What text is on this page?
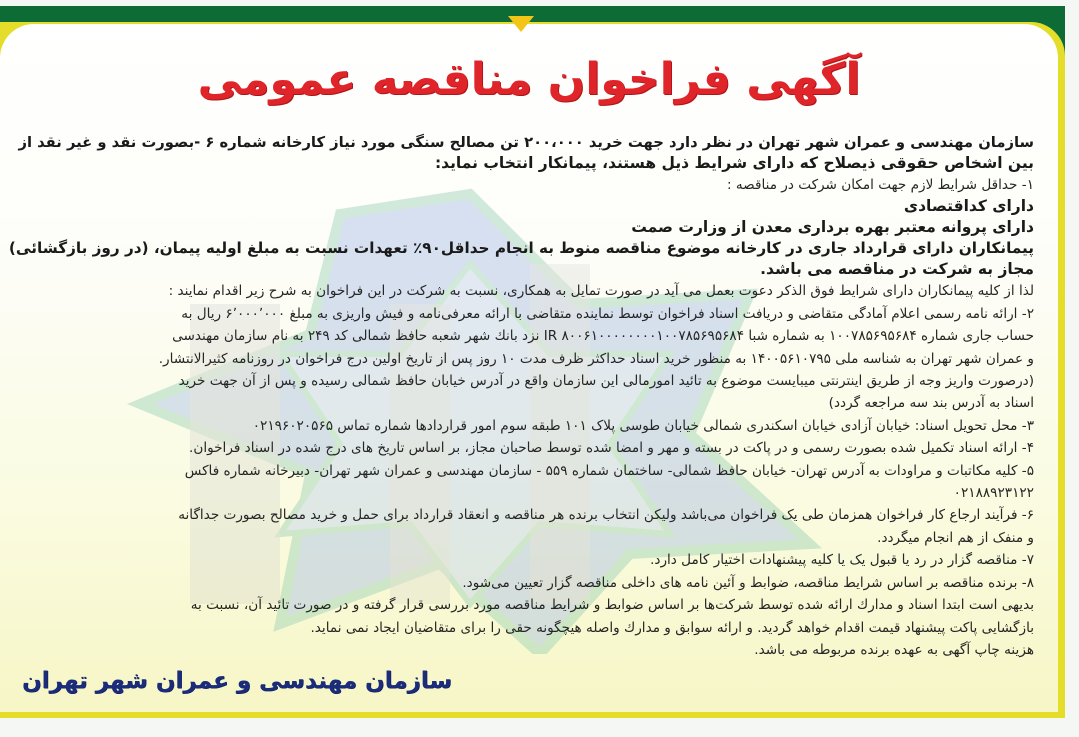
آگهی فراخوان مناقصه عمومی
سازمان مهندسی و عمران شهر تهران در نظر دارد جهت خرید ۲۰۰،۰۰۰ تن مصالح سنگی مورد نیاز کارخانه شماره ۶ -بصورت نقد و غیر نقد از
بین اشخاص حقوقی ذیصلاح که دارای شرایط ذیل هستند، پیمانکار انتخاب نماید:
۱- حداقل شرایط لازم جهت امکان شرکت در مناقصه :
دارای کداقتصادی
دارای پروانه معتبر بهره برداری معدن از وزارت صمت
پیمانکاران دارای قرارداد جاری در کارخانه موضوع مناقصه منوط به انجام حداقل۹۰٪ تعهدات نسبت به مبلغ اولیه پیمان، (در روز بازگشائی)
مجاز به شرکت در مناقصه می باشد.
لذا از کلیه پیمانکاران دارای شرایط فوق الذکر دعوت بعمل می آید در صورت تمایل به همکاری، نسبت به شرکت در این فراخوان به شرح زیر اقدام نمایند :
۲- ارائه نامه رسمی اعلام آمادگی متقاضی و دریافت اسناد فراخوان توسط نماینده متقاضی با ارائه معرفی‌نامه و فیش واریزی به مبلغ ۶٬۰۰۰٬۰۰۰ ریال به
حساب جاری شماره ۱۰۰۷۸۵۶۹۵۶۸۴ به شماره شبا IR ۸۰۰۶۱۰۰۰۰۰۰۰۰۱۰۰۷۸۵۶۹۵۶۸۴ نزد بانك شهر شعبه حافظ شمالی کد ۲۴۹ به نام سازمان مهندسی
و عمران شهر تهران به شناسه ملی ۱۴۰۰۵۶۱۰۷۹۵ به منظور خرید اسناد حداکثر ظرف مدت ۱۰ روز پس از تاریخ اولین درج فراخوان در روزنامه کثیرالانتشار.
(درصورت واریز وجه از طریق اینترنتی میبایست موضوع به تائید امورمالی این سازمان واقع در آدرس خیابان حافظ شمالی رسیده و پس از آن جهت خرید
اسناد به آدرس بند سه مراجعه گردد)
۳- محل تحویل اسناد: خیابان آزادی خیابان اسکندری شمالی خیابان طوسی پلاک ۱۰۱ طبقه سوم امور قراردادها شماره تماس ۰۲۱۹۶۰۲۰۵۶۵
۴- ارائه اسناد تکمیل شده بصورت رسمی و در پاکت در بسته و مهر و امضا شده توسط صاحبان مجاز، بر اساس تاریخ های درج شده در اسناد فراخوان.
۵- کلیه مکاتبات و مراودات به آدرس تهران- خیابان حافظ شمالی- ساختمان شماره ۵۵۹ - سازمان مهندسی و عمران شهر تهران- دبیرخانه شماره فاکس
۰۲۱۸۸۹۲۳۱۲۲
۶- فرآیند ارجاع کار فراخوان همزمان طی یک فراخوان می‌باشد ولیکن انتخاب برنده هر مناقصه و انعقاد قرارداد برای حمل و خرید مصالح بصورت جداگانه
و منفک از هم انجام میگردد.
۷- مناقصه گزار در رد یا قبول یک یا کلیه پیشنهادات اختیار کامل دارد.
۸- برنده مناقصه بر اساس شرایط مناقصه، ضوابط و آئین نامه های داخلی مناقصه گزار تعیین می‌شود.
بدیهی است ابتدا اسناد و مدارك ارائه شده توسط شرکت‌ها بر اساس ضوابط و شرایط مناقصه مورد بررسی قرار گرفته و در صورت تائید آن، نسبت به
بازگشایی پاکت پیشنهاد قیمت اقدام خواهد گردید. و ارائه سوابق و مدارك واصله هیچگونه حقی را برای متقاضیان ایجاد نمی نماید.
هزینه چاپ آگهی به عهده برنده مربوطه می باشد.
سازمان مهندسی و عمران شهر تهران
